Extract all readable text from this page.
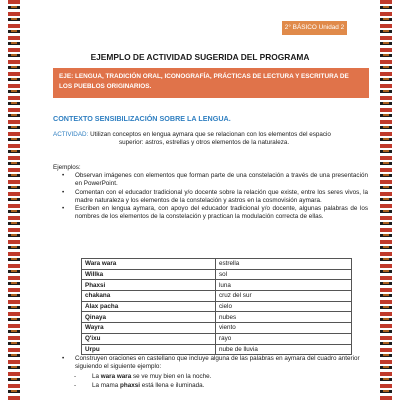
2° BÁSICO Unidad 2
EJEMPLO DE ACTIVIDAD SUGERIDA DEL PROGRAMA
EJE: LENGUA, TRADICIÓN ORAL, ICONOGRAFÍA, PRÁCTICAS DE LECTURA Y ESCRITURA DE LOS PUEBLOS ORIGINARIOS.
CONTEXTO SENSIBILIZACIÓN SOBRE LA LENGUA.
ACTIVIDAD: Utilizan conceptos en lengua aymara que se relacionan con los elementos del espacio
superior: astros, estrellas y otros elementos de la naturaleza.
Ejemplos:
• Observan imágenes con elementos que forman parte de una constelación a través de una presentación en PowerPoint.
• Comentan con el educador tradicional y/o docente sobre la relación que existe, entre los seres vivos, la madre naturaleza y los elementos de la constelación y astros en la cosmovisión aymara.
• Escriben en lengua aymara, con apoyo del educador tradicional y/o docente, algunas palabras de los nombres de los elementos de la constelación y practican la modulación correcta de ellas.
Wara wara	estrella
Willka	sol
Phaxsi	luna
chakana	cruz del sur
Alax pacha	cielo
Qinaya	nubes
Wayra	viento
Q'ixu	rayo
Urpu	nube de lluvia
• Construyen oraciones en castellano que incluye alguna de las palabras en aymara del cuadro anterior siguiendo el siguiente ejemplo:
-	La wara wara se ve muy bien en la noche.
-	La mama phaxsi está llena e iluminada.
